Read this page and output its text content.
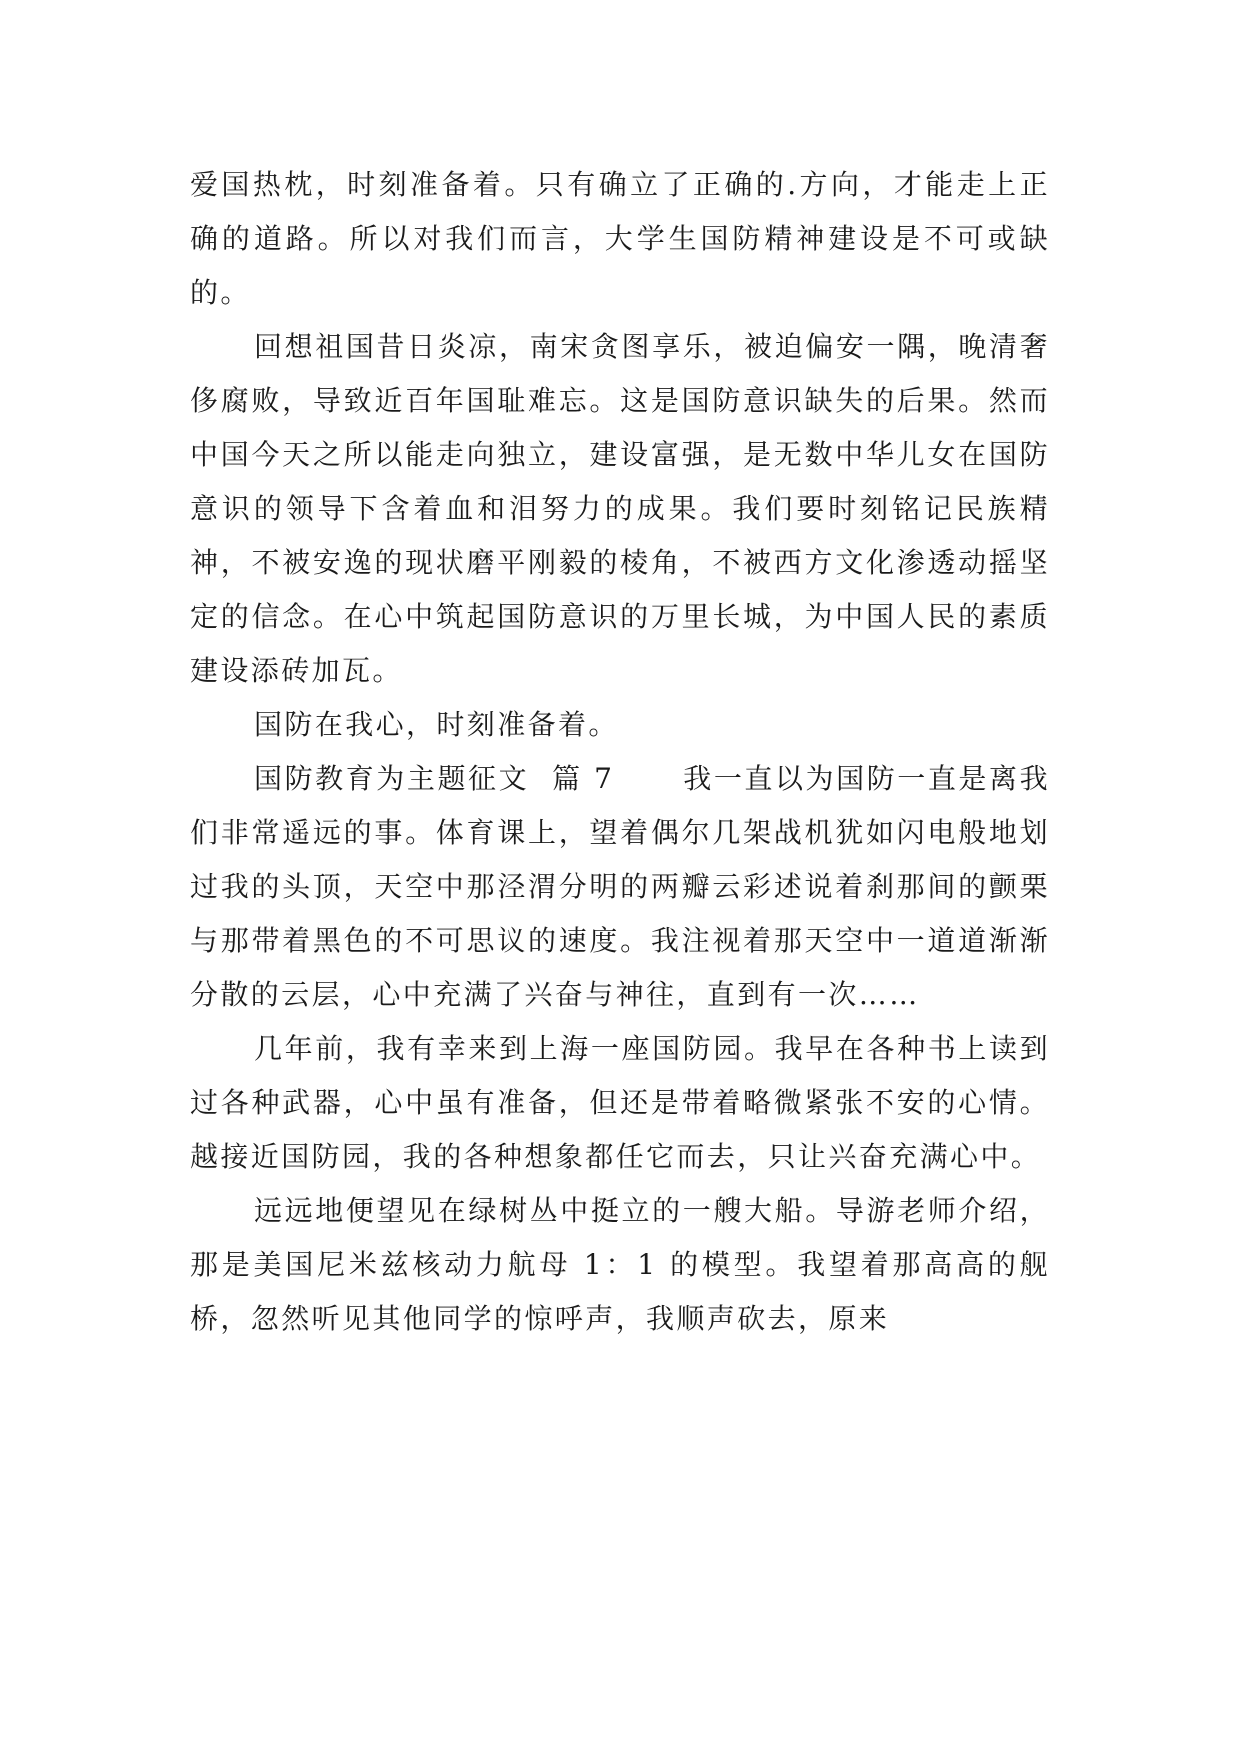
爱国热枕，时刻准备着。只有确立了正确的.方向，才能走上正确的道路。所以对我们而言，大学生国防精神建设是不可或缺的。

回想祖国昔日炎凉，南宋贪图享乐，被迫偏安一隅，晚清奢侈腐败，导致近百年国耻难忘。这是国防意识缺失的后果。然而中国今天之所以能走向独立，建设富强，是无数中华儿女在国防意识的领导下含着血和泪努力的成果。我们要时刻铭记民族精神，不被安逸的现状磨平刚毅的棱角，不被西方文化渗透动摇坚定的信念。在心中筑起国防意识的万里长城，为中国人民的素质建设添砖加瓦。

国防在我心，时刻准备着。

国防教育为主题征文  篇 7      我一直以为国防一直是离我们非常遥远的事。体育课上，望着偶尔几架战机犹如闪电般地划过我的头顶，天空中那泾渭分明的两瓣云彩述说着刹那间的颤栗与那带着黑色的不可思议的速度。我注视着那天空中一道道渐渐分散的云层，心中充满了兴奋与神往，直到有一次……

几年前，我有幸来到上海一座国防园。我早在各种书上读到过各种武器，心中虽有准备，但还是带着略微紧张不安的心情。越接近国防园，我的各种想象都任它而去，只让兴奋充满心中。

远远地便望见在绿树丛中挺立的一艘大船。导游老师介绍，那是美国尼米兹核动力航母 1：1 的模型。我望着那高高的舰桥，忽然听见其他同学的惊呼声，我顺声砍去，原来
